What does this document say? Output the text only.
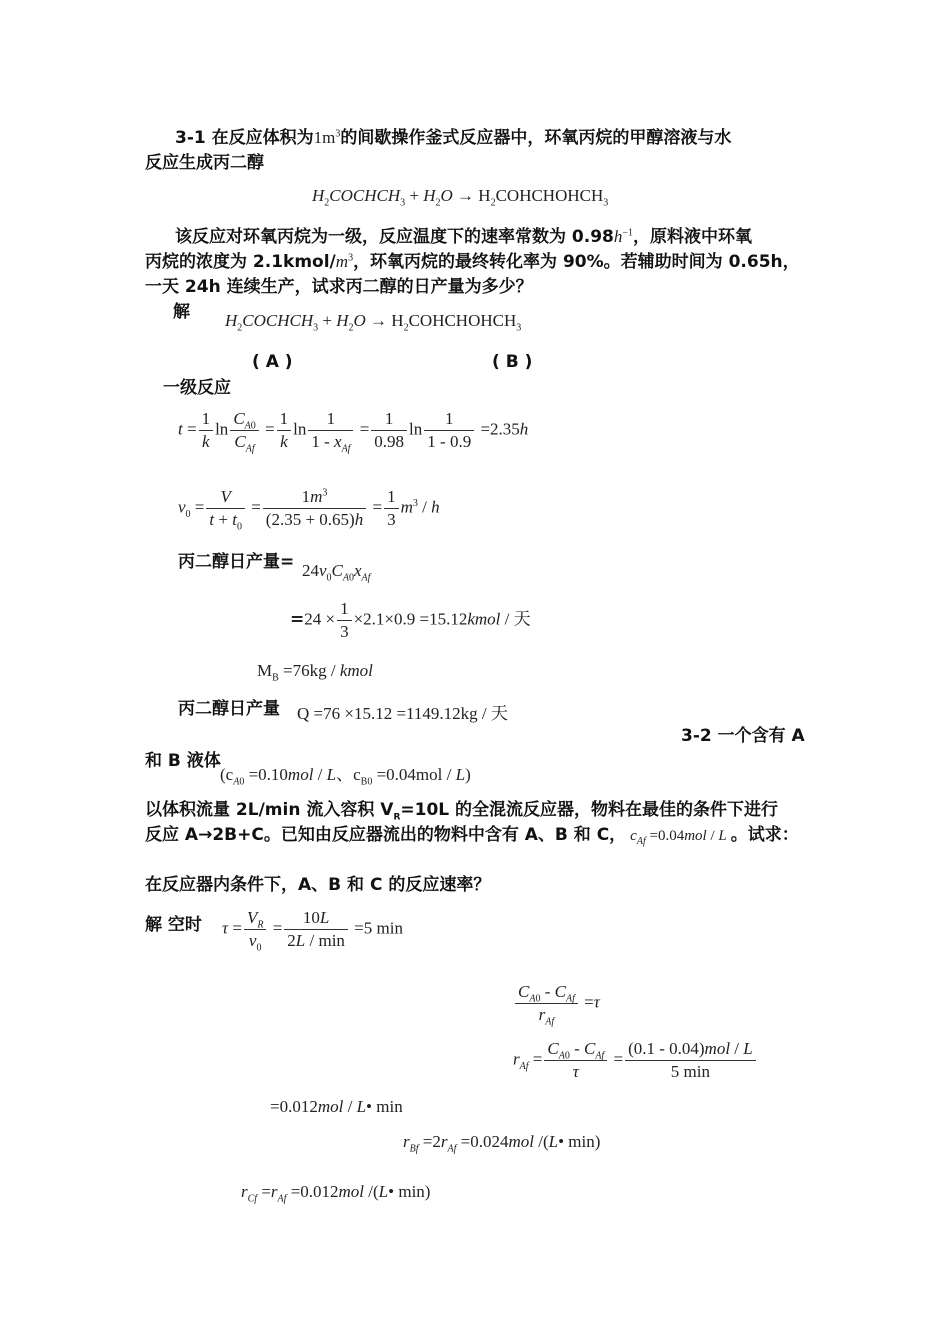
3-1 在反应体积为$1m^3$的间歇操作釜式反应器中，环氧丙烷的甲醇溶液与水
反应生成丙二醇
$H_2COCHCH_3 + H_2O$ → $H_2COHCHOHCH_3$
该反应对环氧丙烷为一级，反应温度下的速率常数为 $0.98h^{-1}$，原料液中环氧
丙烷的浓度为 $2.1kmol/m^3$，环氧丙烷的最终转化率为 90%。若辅助时间为 0.65h，
一天 24h 连续生产，试求丙二醇的日产量为多少？
解 $H_2COCHCH_3 + H_2O$ → $H_2COHCHOHCH_3$
( A )	( B )
一级反应
$t = \frac{1}{k}$ $\ln \frac{C_{A0}}{C_{Af}} = \frac{1}{k}$ $\ln \frac{1}{1 - x_{Af}} = \frac{1}{0.98}$ $\ln \frac{1}{1 - 0.9} =2.35h$
$v_0 = \frac{V}{t + t_0} = \frac{1m^3}{(2.35 + 0.65)h} = \frac{1}{3} m^3 / h$
丙二醇日产量= $24v_0C_{A0}x_{Af}$
$=24 \times \frac{1}{3} \times 2.1\times 0.9$ =15.12kmol / 天
$M_B =76kg$ / kmol
丙二醇日产量 Q =76 ×15.12 =1149.12kg / 天
3-2 一个含有 A
和 B 液体
($c_{A0} =0.10mol / L$、$c_{B0} =0.04mol / L$)
以体积流量 2L/min 流入容积 $V_R=10L$ 的全混流反应器，物料在最佳的条件下进行
反应 A→2B+C。已知由反应器流出的物料中含有 A、B 和 C， $c_{Af} =0.04mol / L$ 。试求：
在反应器内条件下，A、B 和 C 的反应速率？
解 空时 $\tau = \frac{V_R}{v_0} = \frac{10L}{2L / \min} =5$ min
$\frac{C_{A0} - C_{Af}}{r_{Af}} =\tau$
$r_{Af} = \frac{C_{A0} - C_{Af}}{\tau} = \frac{\text{(0.1 - 0.04)mol / L}}{5 \min}$
=0.012mol / L• min
$r_{Bf} =2r_{Af} =0.024mol$ /(L• min)
$r_{Cf} =r_{Af} =0.012mol$ /(L• min)
